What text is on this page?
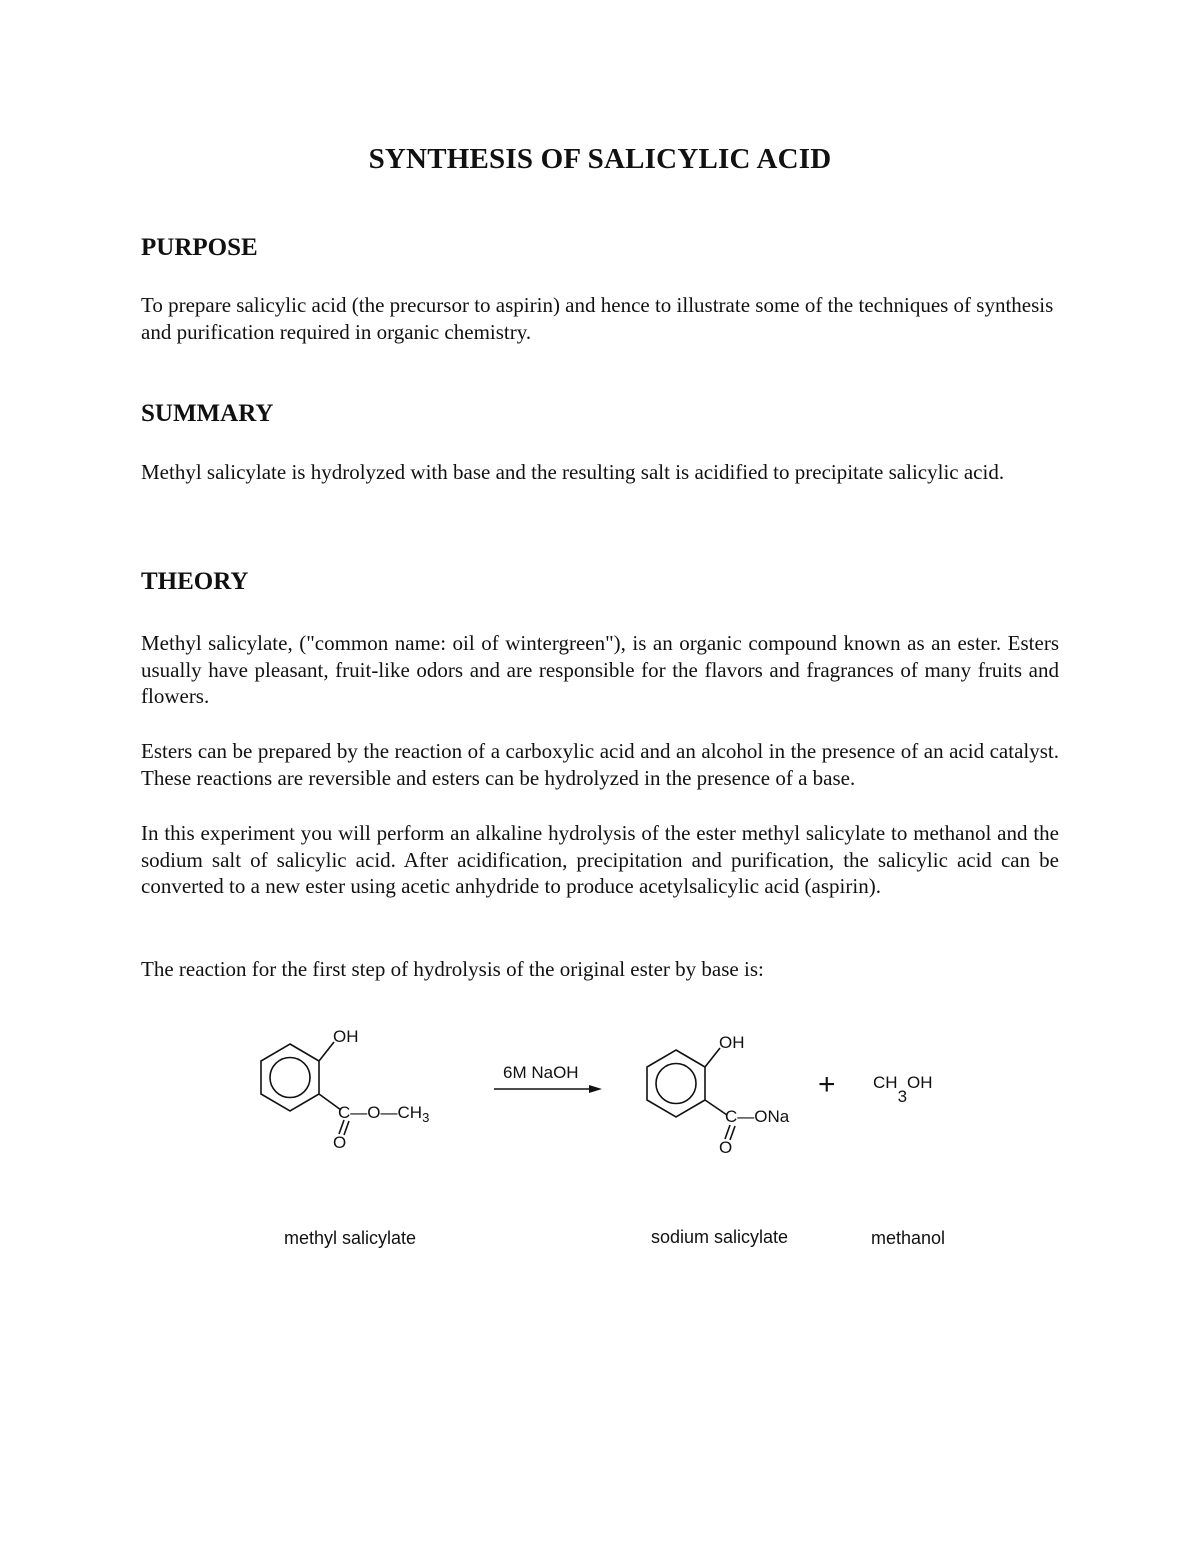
SYNTHESIS OF SALICYLIC ACID
PURPOSE
To prepare salicylic acid (the precursor to aspirin) and hence to illustrate some of the techniques of synthesis and purification required in organic chemistry.
SUMMARY
Methyl salicylate is hydrolyzed with base and the resulting salt is acidified to precipitate salicylic acid.
THEORY
Methyl salicylate, ("common name: oil of wintergreen"), is an organic compound known as an ester. Esters usually have pleasant, fruit-like odors and are responsible for the flavors and fragrances of many fruits and flowers.
Esters can be prepared by the reaction of a carboxylic acid and an alcohol in the presence of an acid catalyst. These reactions are reversible and esters can be hydrolyzed in the presence of a base.
In this experiment you will perform an alkaline hydrolysis of the ester methyl salicylate to methanol and the sodium salt of salicylic acid. After acidification, precipitation and purification, the salicylic acid can be converted to a new ester using acetic anhydride to produce acetylsalicylic acid (aspirin).
The reaction for the first step of hydrolysis of the original ester by base is:
OH
$C—O—CH_3$
O
6M NaOH
OH
C—ONa
O
+ CH3OH
methyl salicylate	sodium salicylate	methanol
